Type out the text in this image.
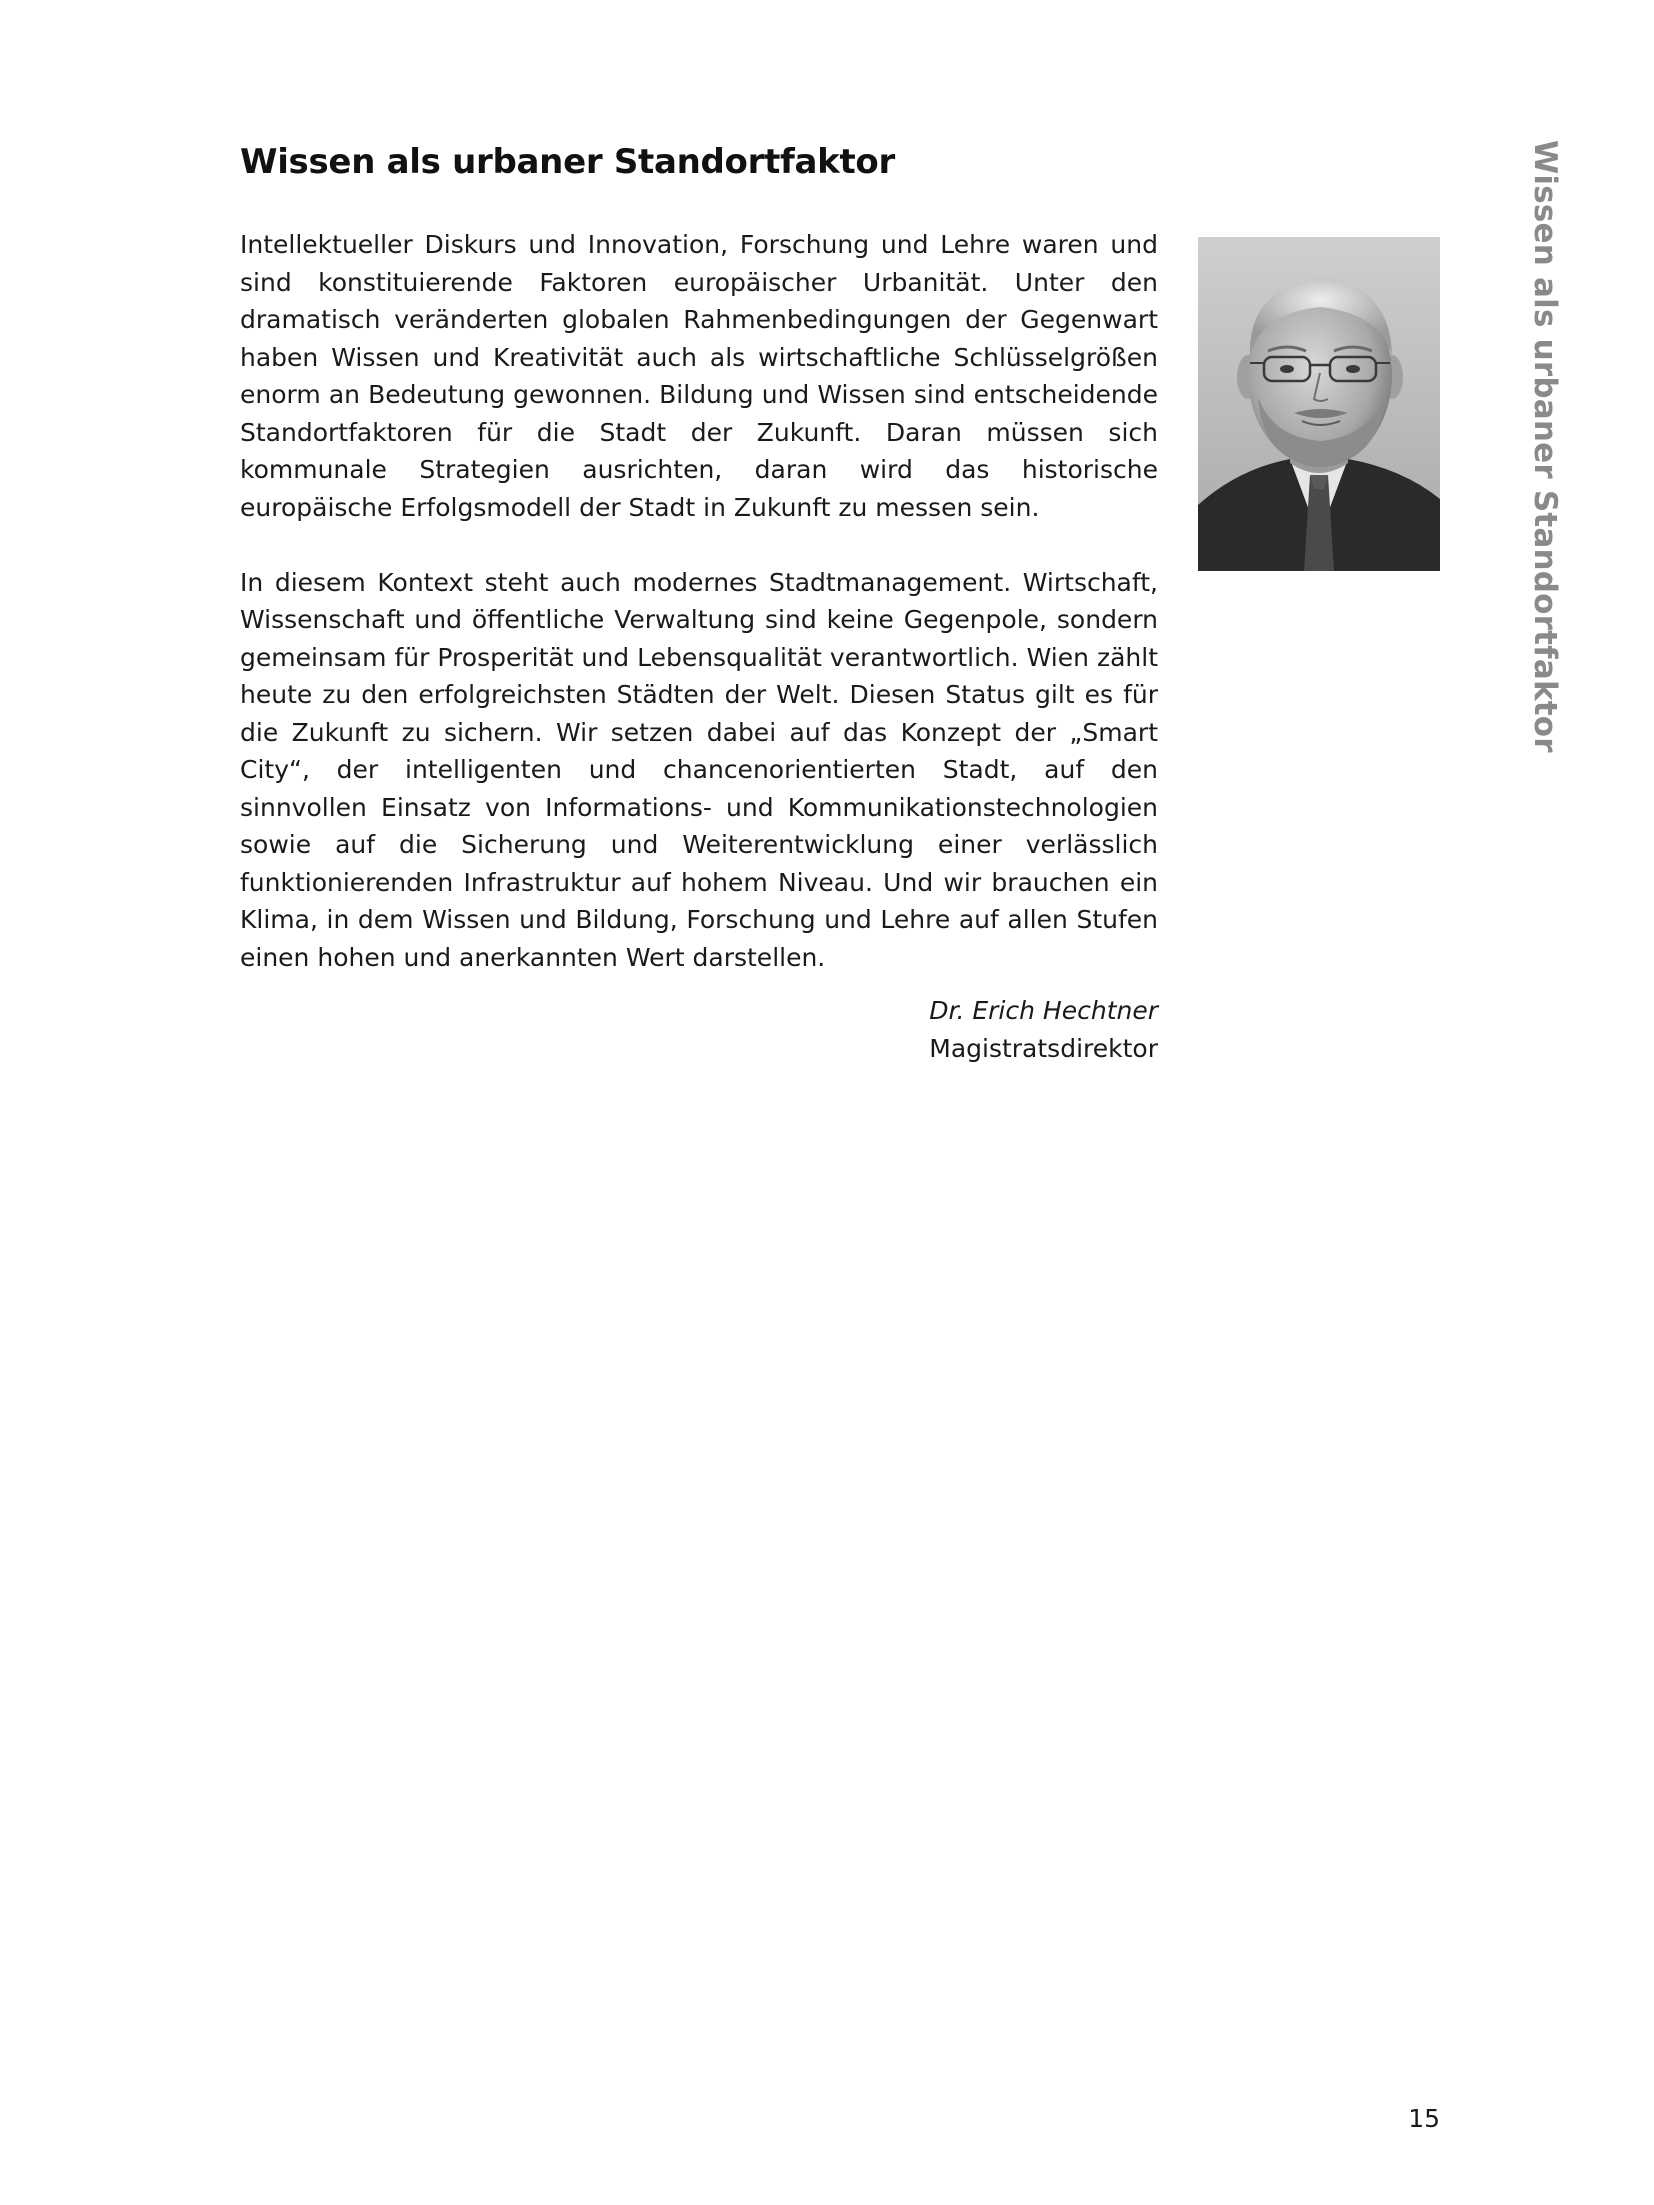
Wissen als urbaner Standortfaktor

Intellektueller Diskurs und Innovation, Forschung und Lehre waren und sind konstituierende Faktoren europäischer Urbanität. Unter den dramatisch veränderten globalen Rahmenbedingungen der Gegenwart haben Wissen und Kreativität auch als wirtschaftliche Schlüsselgrößen enorm an Bedeutung gewonnen. Bildung und Wissen sind entscheidende Standortfaktoren für die Stadt der Zukunft. Daran müssen sich kommunale Strategien ausrichten, daran wird das historische europäische Erfolgsmodell der Stadt in Zukunft zu messen sein.

In diesem Kontext steht auch modernes Stadtmanagement. Wirtschaft, Wissenschaft und öffentliche Verwaltung sind keine Gegenpole, sondern gemeinsam für Prosperität und Lebensqualität verantwortlich. Wien zählt heute zu den erfolgreichsten Städten der Welt. Diesen Status gilt es für die Zukunft zu sichern. Wir setzen dabei auf das Konzept der „Smart City“, der intelligenten und chancenorientierten Stadt, auf den sinnvollen Einsatz von Informations- und Kommunikationstechnologien sowie auf die Sicherung und Weiterentwicklung einer verlässlich funktionierenden Infrastruktur auf hohem Niveau. Und wir brauchen ein Klima, in dem Wissen und Bildung, Forschung und Lehre auf allen Stufen einen hohen und anerkannten Wert darstellen.

Dr. Erich Hechtner
Magistratsdirektor
Wissen als urbaner Standortfaktor
15
